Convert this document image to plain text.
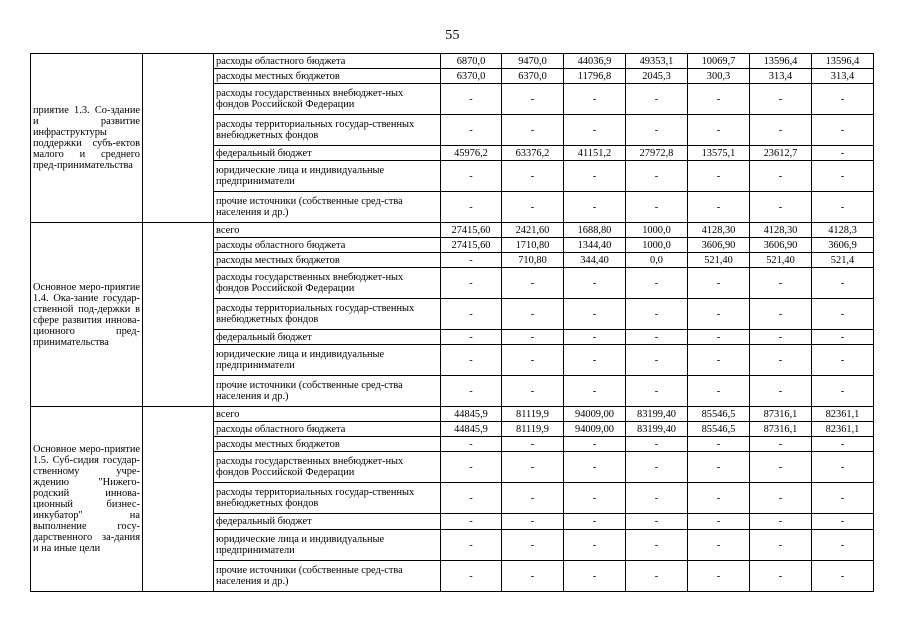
55
приятие 1.3. Со-здание и развитие инфраструктуры поддержки субъ-ектов малого и среднего пред-принимательства		расходы областного бюджета	6870,0	9470,0	44036,9	49353,1	10069,7	13596,4	13596,4
		расходы местных бюджетов	6370,0	6370,0	11796,8	2045,3	300,3	313,4	313,4
		расходы государственных внебюджет-ных фондов Российской Федерации	-	-	-	-	-	-	-
		расходы территориальных государ-ственных внебюджетных фондов	-	-	-	-	-	-	-
		федеральный бюджет	45976,2	63376,2	41151,2	27972,8	13575,1	23612,7	-
		юридические лица и индивидуальные предприниматели	-	-	-	-	-	-	-
		прочие источники (собственные сред-ства населения и др.)	-	-	-	-	-	-	-

Основное меро-приятие 1.4. Ока-зание государ-ственной под-держки в сфере развития иннова-ционного пред-принимательства		всего	27415,60	2421,60	1688,80	1000,0	4128,30	4128,30	4128,3
		расходы областного бюджета	27415,60	1710,80	1344,40	1000,0	3606,90	3606,90	3606,9
		расходы местных бюджетов	-	710,80	344,40	0,0	521,40	521,40	521,4
		расходы государственных внебюджет-ных фондов Российской Федерации	-	-	-	-	-	-	-
		расходы территориальных государ-ственных внебюджетных фондов	-	-	-	-	-	-	-
		федеральный бюджет	-	-	-	-	-	-	-
		юридические лица и индивидуальные предприниматели	-	-	-	-	-	-	-
		прочие источники (собственные сред-ства населения и др.)	-	-	-	-	-	-	-

Основное меро-приятие 1.5. Суб-сидия государ-ственному учре-ждению "Нижего-родский иннова-ционный бизнес-инкубатор" на выполнение госу-дарственного за-дания и на иные цели		всего	44845,9	81119,9	94009,00	83199,40	85546,5	87316,1	82361,1
		расходы областного бюджета	44845,9	81119,9	94009,00	83199,40	85546,5	87316,1	82361,1
		расходы местных бюджетов	-	-	-	-	-	-	-
		расходы государственных внебюджет-ных фондов Российской Федерации	-	-	-	-	-	-	-
		расходы территориальных государ-ственных внебюджетных фондов	-	-	-	-	-	-	-
		федеральный бюджет	-	-	-	-	-	-	-
		юридические лица и индивидуальные предприниматели	-	-	-	-	-	-	-
		прочие источники (собственные сред-ства населения и др.)	-	-	-	-	-	-	-
